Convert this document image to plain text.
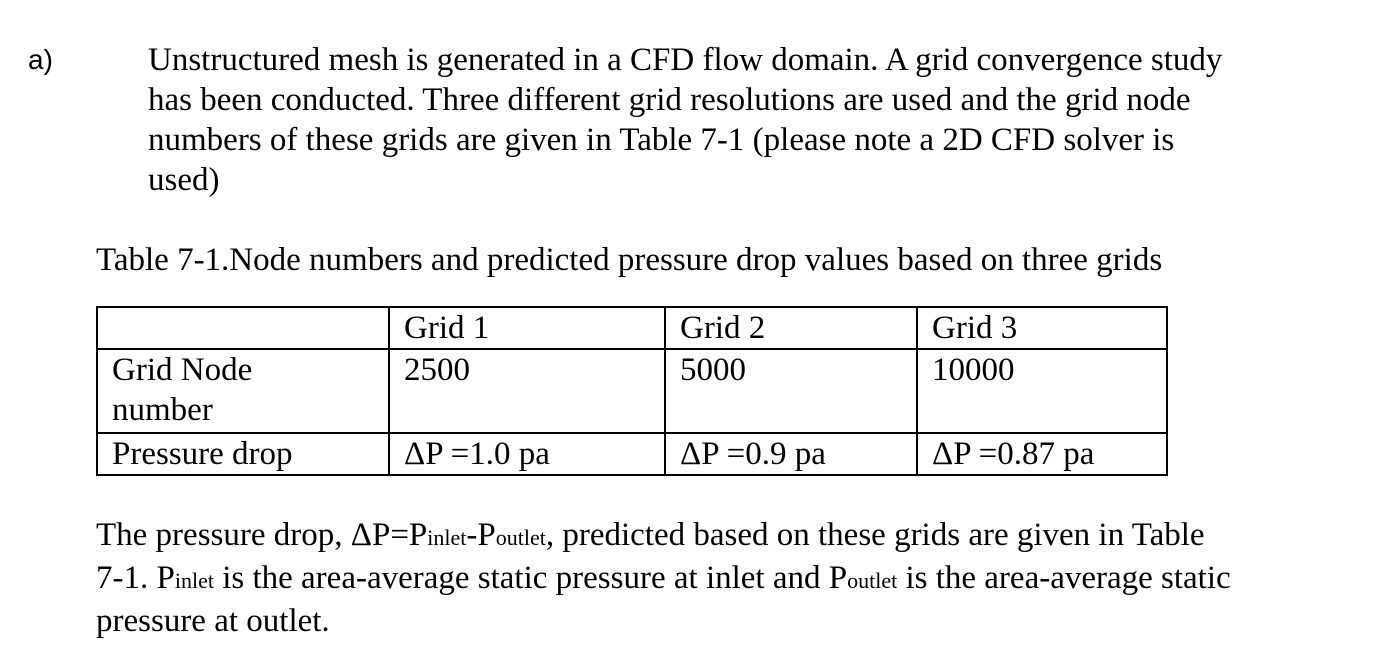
a)	Unstructured mesh is generated in a CFD flow domain. A grid convergence study
has been conducted. Three different grid resolutions are used and the grid node
numbers of these grids are given in Table 7-1 (please note a 2D CFD solver is
used)
Table 7-1.Node numbers and predicted pressure drop values based on three grids
	Grid 1	Grid 2	Grid 3
Grid Node
number	2500	5000	10000
Pressure drop	ΔP =1.0 pa	ΔP =0.9 pa	ΔP =0.87 pa
The pressure drop, ΔP=Pinlet-Poutlet, predicted based on these grids are given in Table
7-1. Pinlet is the area-average static pressure at inlet and Poutlet is the area-average static
pressure at outlet.
